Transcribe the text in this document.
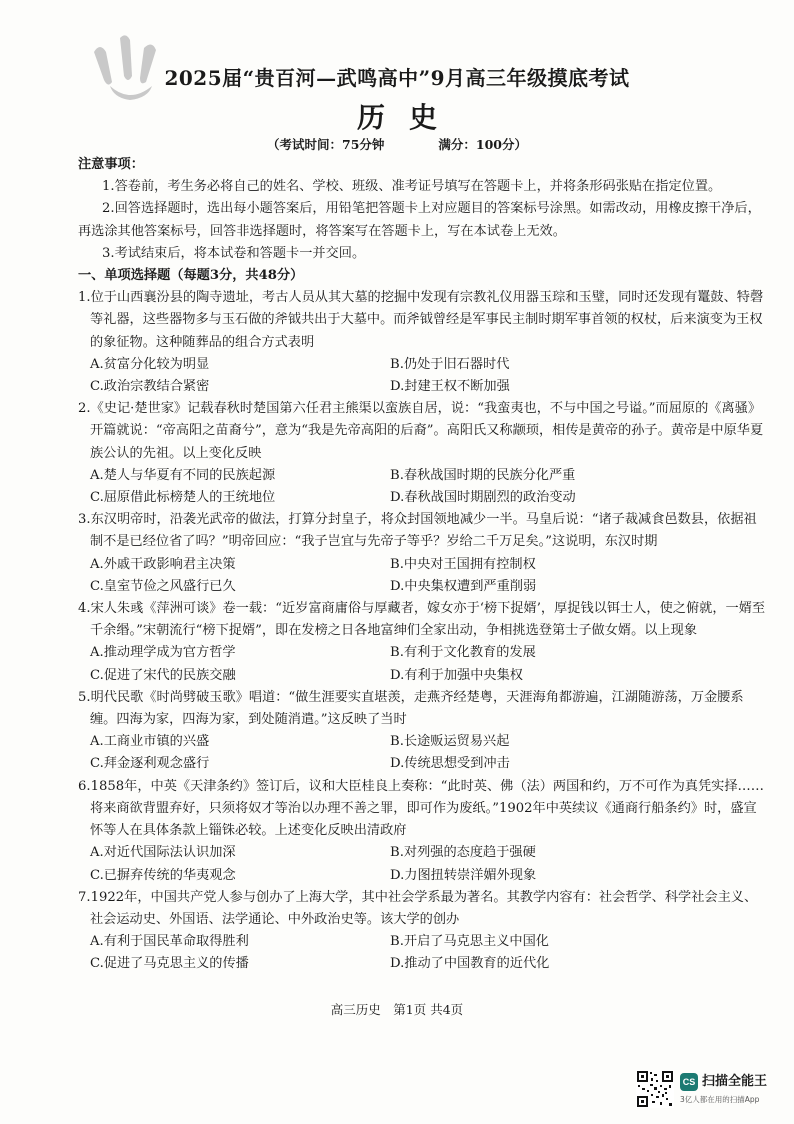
2025届“贵百河—武鸣高中”9月高三年级摸底考试
历史
（考试时间：75分钟	满分：100分）
注意事项：
1.答卷前，考生务必将自己的姓名、学校、班级、准考证号填写在答题卡上，并将条形码张贴在指定位置。
2.回答选择题时，选出每小题答案后，用铅笔把答题卡上对应题目的答案标号涂黑。如需改动，用橡皮擦干净后，再选涂其他答案标号，回答非选择题时，将答案写在答题卡上，写在本试卷上无效。
3.考试结束后，将本试卷和答题卡一并交回。
一、单项选择题（每题3分，共48分）
1.位于山西襄汾县的陶寺遗址，考古人员从其大墓的挖掘中发现有宗教礼仪用器玉琮和玉璧，同时还发现有鼍鼓、特磬等礼器，这些器物多与玉石做的斧钺共出于大墓中。而斧钺曾经是军事民主制时期军事首领的权杖，后来演变为王权的象征物。这种随葬品的组合方式表明
A.贫富分化较为明显	B.仍处于旧石器时代
C.政治宗教结合紧密	D.封建王权不断加强
2.《史记·楚世家》记载春秋时楚国第六任君主熊渠以蛮族自居，说：“我蛮夷也，不与中国之号谥。”而屈原的《离骚》开篇就说：“帝高阳之苗裔兮”，意为“我是先帝高阳的后裔”。高阳氏又称颛顼，相传是黄帝的孙子。黄帝是中原华夏族公认的先祖。以上变化反映
A.楚人与华夏有不同的民族起源	B.春秋战国时期的民族分化严重
C.屈原借此标榜楚人的王统地位	D.春秋战国时期剧烈的政治变动
3.东汉明帝时，沿袭光武帝的做法，打算分封皇子，将众封国领地减少一半。马皇后说：“诸子裁减食邑数县，依据祖制不是已经位省了吗？”明帝回应：“我子岂宜与先帝子等乎？岁给二千万足矣。”这说明，东汉时期
A.外戚干政影响君主决策	B.中央对王国拥有控制权
C.皇室节俭之风盛行已久	D.中央集权遭到严重削弱
4.宋人朱彧《萍洲可谈》卷一载：“近岁富商庸俗与厚藏者，嫁女亦于‘榜下捉婿’，厚捉钱以铒士人，使之俯就，一婿至千余缗。”宋朝流行“榜下捉婿”，即在发榜之日各地富绅们全家出动，争相挑选登第士子做女婿。以上现象
A.推动理学成为官方哲学	B.有利于文化教育的发展
C.促进了宋代的民族交融	D.有利于加强中央集权
5.明代民歌《时尚劈破玉歌》唱道：“做生涯要实直堪羡，走燕齐经楚粤，天涯海角都游遍，江湖随游荡，万金腰系缠。四海为家，四海为家，到处随消遣。”这反映了当时
A.工商业市镇的兴盛	B.长途贩运贸易兴起
C.拜金逐利观念盛行	D.传统思想受到冲击
6.1858年，中英《天津条约》签订后，议和大臣桂良上奏称：“此时英、佛（法）两国和约，万不可作为真凭实择……将来商欲背盟弃好，只须将奴才等治以办理不善之罪，即可作为废纸。”1902年中英续议《通商行船条约》时，盛宣怀等人在具体条款上锱铢必较。上述变化反映出清政府
A.对近代国际法认识加深	B.对列强的态度趋于强硬
C.已摒弃传统的华夷观念	D.力图扭转崇洋媚外现象
7.1922年，中国共产党人参与创办了上海大学，其中社会学系最为著名。其教学内容有：社会哲学、科学社会主义、社会运动史、外国语、法学通论、中外政治史等。该大学的创办
A.有利于国民革命取得胜利	B.开启了马克思主义中国化
C.促进了马克思主义的传播	D.推动了中国教育的近代化
高三历史　第1页 共4页
CS 扫描全能王
3亿人都在用的扫描App
